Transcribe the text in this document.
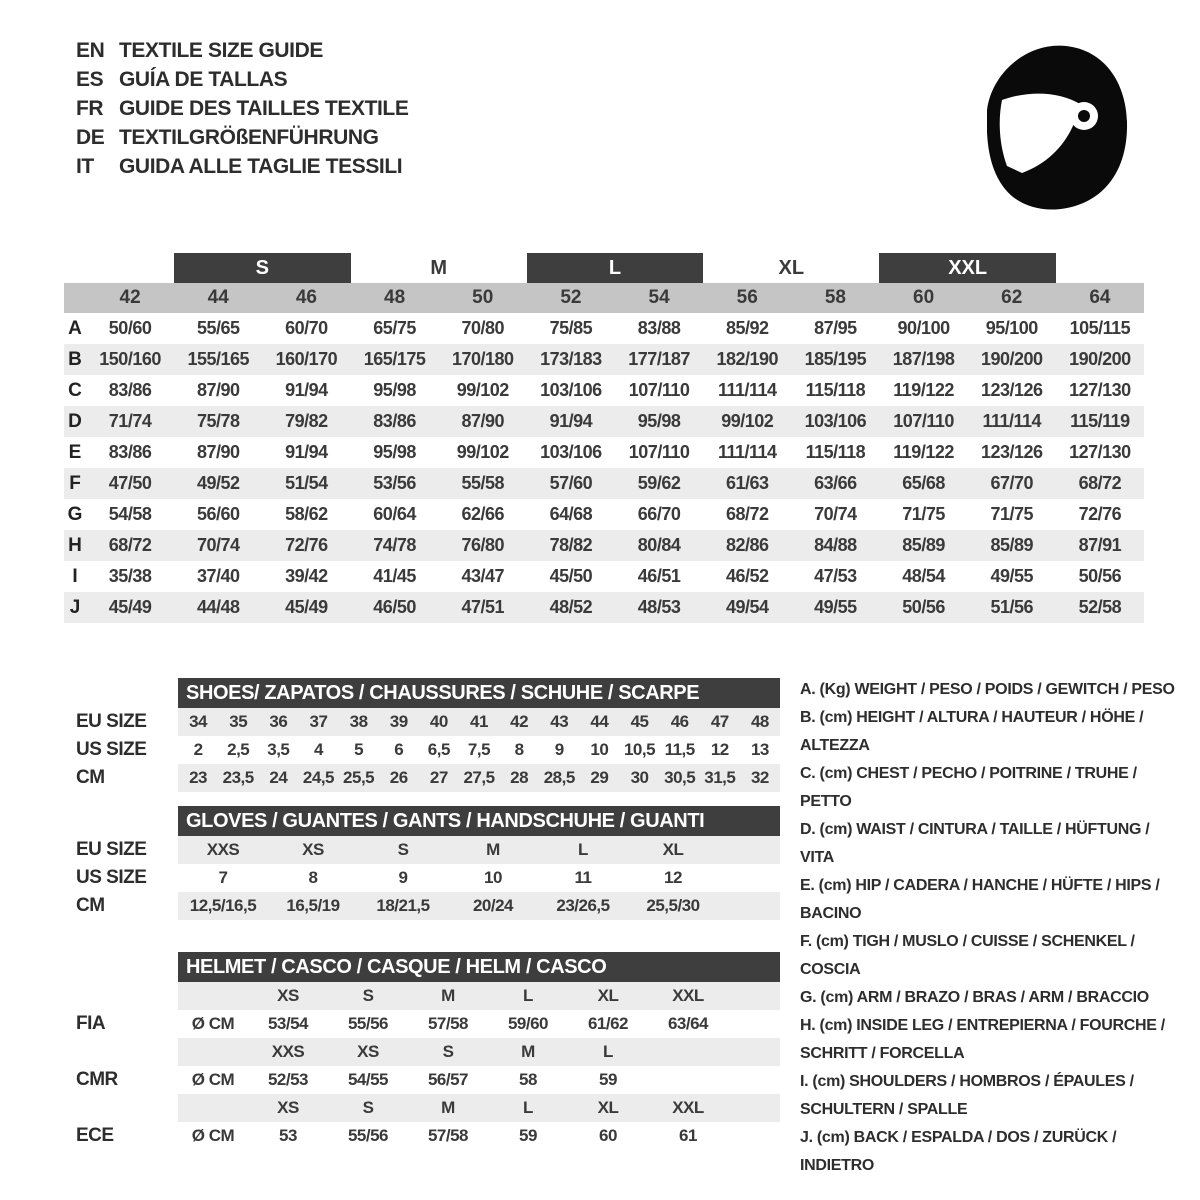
EN TEXTILE SIZE GUIDE
ES GUÍA DE TALLAS
FR GUIDE DES TAILLES TEXTILE
DE TEXTILGRÖßENFÜHRUNG
IT	GUIDA ALLE TAGLIE TESSILI
S	M	L	XL	XXL
42	44	46	48	50	52	54	56	58	60	62	64
A	50/60	55/65	60/70	65/75	70/80	75/85	83/88	85/92	87/95	90/100	95/100	105/115
B 150/160	155/165	160/170	165/175	170/180	173/183	177/187	182/190	185/195	187/198	190/200	190/200
C	83/86	87/90	91/94	95/98	99/102	103/106	107/110	111/114	115/118	119/122	123/126	127/130
D	71/74	75/78	79/82	83/86	87/90	91/94	95/98	99/102	103/106	107/110	111/114	115/119
E	83/86	87/90	91/94	95/98	99/102	103/106	107/110	111/114	115/118	119/122	123/126	127/130
F	47/50	49/52	51/54	53/56	55/58	57/60	59/62	61/63	63/66	65/68	67/70	68/72
G	54/58	56/60	58/62	60/64	62/66	64/68	66/70	68/72	70/74	71/75	71/75	72/76
H	68/72	70/74	72/76	74/78	76/80	78/82	80/84	82/86	84/88	85/89	85/89	87/91
I	35/38	37/40	39/42	41/45	43/47	45/50	46/51	46/52	47/53	48/54	49/55	50/56
J	45/49	44/48	45/49	46/50	47/51	48/52	48/53	49/54	49/55	50/56	51/56	52/58
SHOES/ ZAPATOS / CHAUSSURES / SCHUHE / SCARPE
EU SIZE	34	35	36	37	38	39	40	41	42	43	44	45	46	47	48
US SIZE	2	2,5	3,5	4	5	6	6,5	7,5	8	9	10 10,5 11,5 12	13
CM	23 23,5 24 24,5 25,5 26	27 27,5 28 28,5 29	30 30,5 31,5 32
GLOVES / GUANTES / GANTS / HANDSCHUHE / GUANTI
EU SIZE	XXS	XS	S	M	L	XL
US SIZE	7	8	9	10	11	12
CM	12,5/16,5	16,5/19	18/21,5	20/24	23/26,5	25,5/30
HELMET / CASCO / CASQUE / HELM / CASCO
XS	S	M	L	XL	XXL
FIA	Ø CM	53/54	55/56	57/58	59/60	61/62	63/64
XXS	XS	S	M	L
CMR	Ø CM	52/53	54/55	56/57	58	59
XS	S	M	L	XL	XXL
ECE	Ø CM	53	55/56	57/58	59	60	61
A. (Kg) WEIGHT / PESO / POIDS / GEWITCH / PESO
B. (cm) HEIGHT / ALTURA / HAUTEUR / HÖHE / ALTEZZA
C. (cm) CHEST / PECHO / POITRINE / TRUHE / PETTO
D. (cm) WAIST / CINTURA / TAILLE / HÜFTUNG / VITA
E. (cm) HIP / CADERA / HANCHE / HÜFTE / HIPS / BACINO
F. (cm) TIGH / MUSLO / CUISSE / SCHENKEL / COSCIA
G. (cm) ARM / BRAZO / BRAS / ARM / BRACCIO
H. (cm) INSIDE LEG / ENTREPIERNA / FOURCHE / SCHRITT / FORCELLA
I. (cm) SHOULDERS / HOMBROS / ÉPAULES / SCHULTERN / SPALLE
J. (cm) BACK / ESPALDA / DOS / ZURÜCK / INDIETRO
